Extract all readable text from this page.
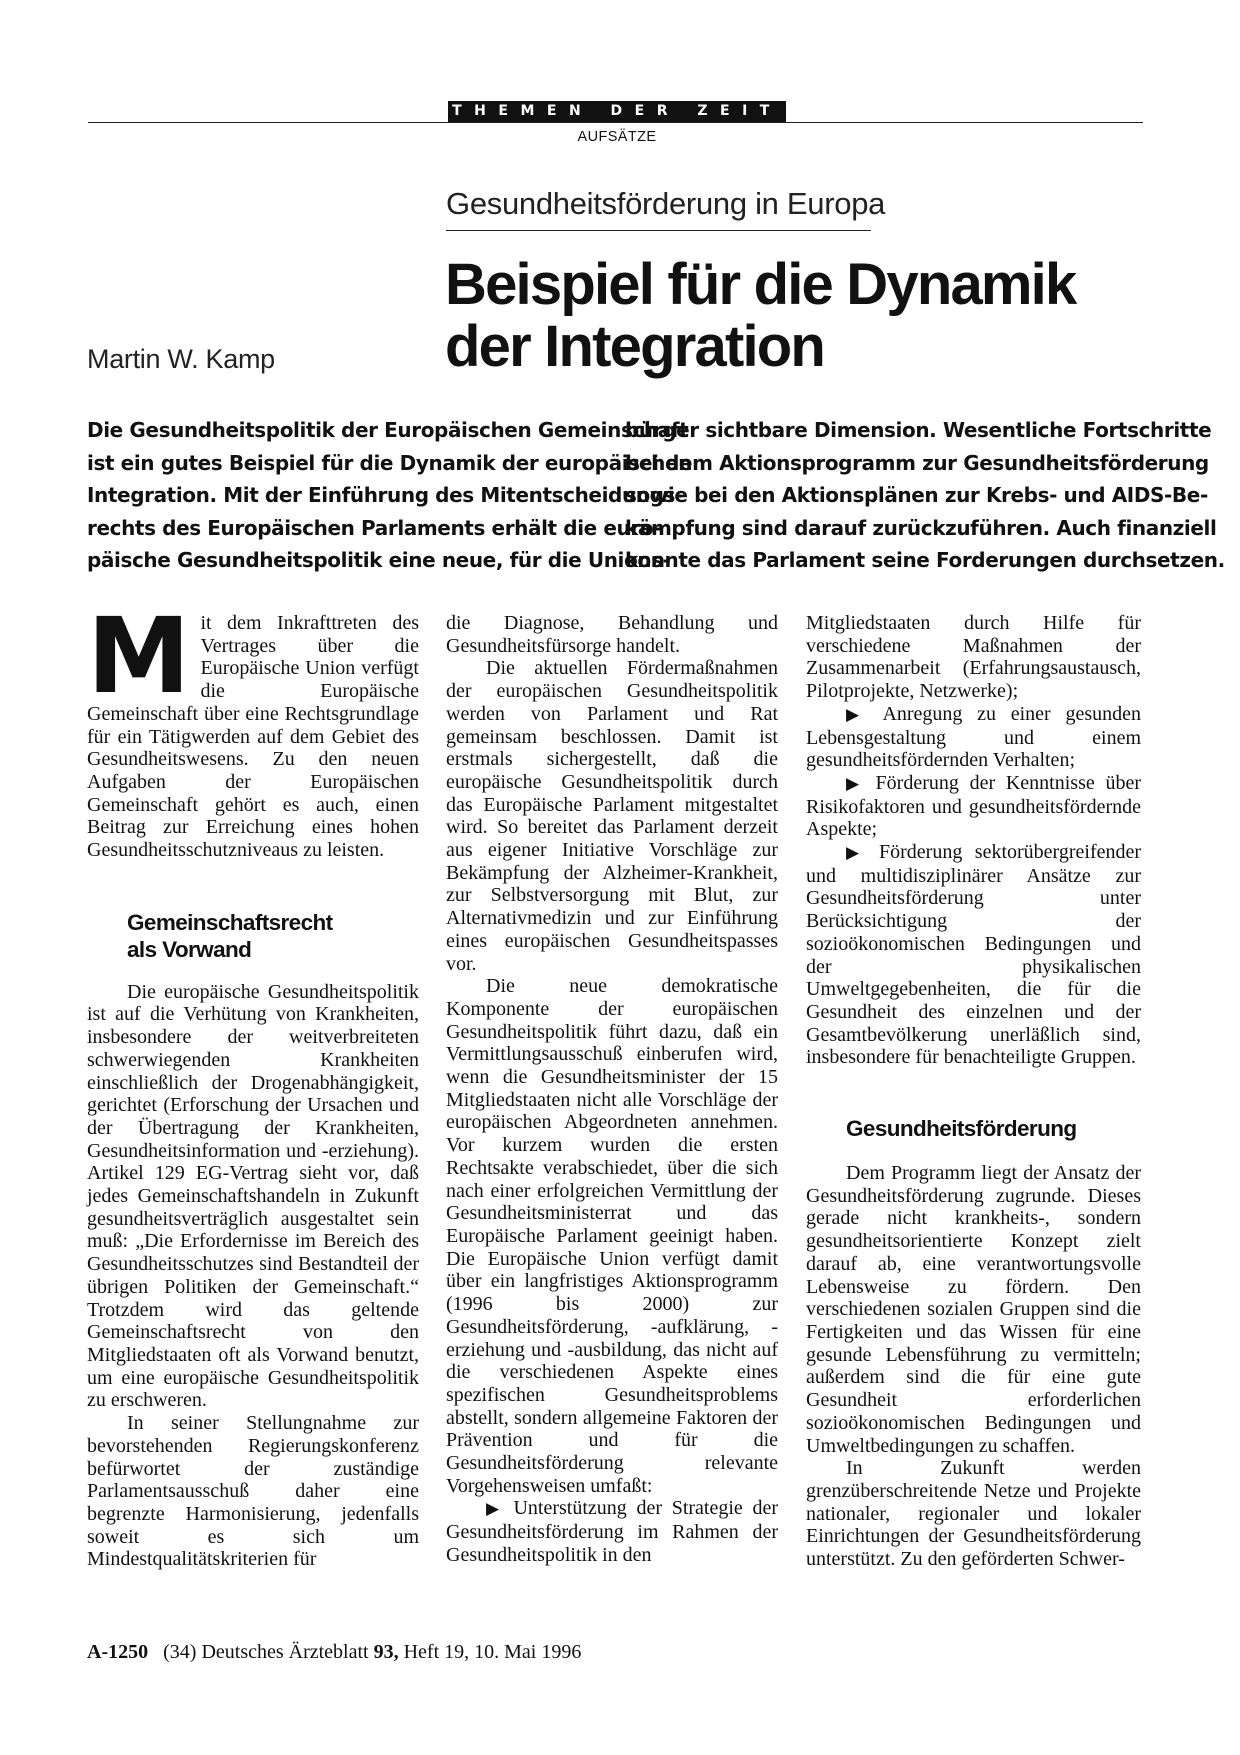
THEMEN DER ZEIT
AUFSÄTZE
Gesundheitsförderung in Europa
Beispiel für die Dynamik
der Integration
Martin W. Kamp
Die Gesundheitspolitik der Europäischen Gemeinschaft
ist ein gutes Beispiel für die Dynamik der europäischen
Integration. Mit der Einführung des Mitentscheidungs-
rechts des Europäischen Parlaments erhält die euro-
päische Gesundheitspolitik eine neue, für die Unions-
bürger sichtbare Dimension. Wesentliche Fortschritte
bei dem Aktionsprogramm zur Gesundheitsförderung
sowie bei den Aktionsplänen zur Krebs- und AIDS-Be-
kämpfung sind darauf zurückzuführen. Auch finanziell
konnte das Parlament seine Forderungen durchsetzen.

Mit dem Inkrafttreten des Vertrages über die Europäische Union verfügt die Europäische Gemeinschaft über eine Rechtsgrundlage für ein Tätigwerden auf dem Gebiet des Gesundheitswesens. Zu den neuen Aufgaben der Europäischen Gemeinschaft gehört es auch, einen Beitrag zur Erreichung eines hohen Gesundheitsschutzniveaus zu leisten.

Gemeinschaftsrecht
als Vorwand

Die europäische Gesundheitspolitik ist auf die Verhütung von Krankheiten, insbesondere der weitverbreiteten schwerwiegenden Krankheiten einschließlich der Drogenabhängigkeit, gerichtet (Erforschung der Ursachen und der Übertragung der Krankheiten, Gesundheitsinformation und -erziehung). Artikel 129 EG-Vertrag sieht vor, daß jedes Gemeinschaftshandeln in Zukunft gesundheitsverträglich ausgestaltet sein muß: „Die Erfordernisse im Bereich des Gesundheitsschutzes sind Bestandteil der übrigen Politiken der Gemeinschaft.“ Trotzdem wird das geltende Gemeinschaftsrecht von den Mitgliedstaaten oft als Vorwand benutzt, um eine europäische Gesundheitspolitik zu erschweren.

In seiner Stellungnahme zur bevorstehenden Regierungskonferenz befürwortet der zuständige Parlamentsausschuß daher eine begrenzte Harmonisierung, jedenfalls soweit es sich um Mindestqualitätskriterien für

die Diagnose, Behandlung und Gesundheitsfürsorge handelt.

Die aktuellen Fördermaßnahmen der europäischen Gesundheitspolitik werden von Parlament und Rat gemeinsam beschlossen. Damit ist erstmals sichergestellt, daß die europäische Gesundheitspolitik durch das Europäische Parlament mitgestaltet wird. So bereitet das Parlament derzeit aus eigener Initiative Vorschläge zur Bekämpfung der Alzheimer-Krankheit, zur Selbstversorgung mit Blut, zur Alternativmedizin und zur Einführung eines europäischen Gesundheitspasses vor.

Die neue demokratische Komponente der europäischen Gesundheitspolitik führt dazu, daß ein Vermittlungsausschuß einberufen wird, wenn die Gesundheitsminister der 15 Mitgliedstaaten nicht alle Vorschläge der europäischen Abgeordneten annehmen. Vor kurzem wurden die ersten Rechtsakte verabschiedet, über die sich nach einer erfolgreichen Vermittlung der Gesundheitsministerrat und das Europäische Parlament geeinigt haben. Die Europäische Union verfügt damit über ein langfristiges Aktionsprogramm (1996 bis 2000) zur Gesundheitsförderung, -aufklärung, -erziehung und -ausbildung, das nicht auf die verschiedenen Aspekte eines spezifischen Gesundheitsproblems abstellt, sondern allgemeine Faktoren der Prävention und für die Gesundheitsförderung relevante Vorgehensweisen umfaßt:

▶ Unterstützung der Strategie der Gesundheitsförderung im Rahmen der Gesundheitspolitik in den

Mitgliedstaaten durch Hilfe für verschiedene Maßnahmen der Zusammenarbeit (Erfahrungsaustausch, Pilotprojekte, Netzwerke);

▶ Anregung zu einer gesunden Lebensgestaltung und einem gesundheitsfördernden Verhalten;

▶ Förderung der Kenntnisse über Risikofaktoren und gesundheitsfördernde Aspekte;

▶ Förderung sektorübergreifender und multidisziplinärer Ansätze zur Gesundheitsförderung unter Berücksichtigung der sozioökonomischen Bedingungen und der physikalischen Umweltgegebenheiten, die für die Gesundheit des einzelnen und der Gesamtbevölkerung unerläßlich sind, insbesondere für benachteiligte Gruppen.

Gesundheitsförderung

Dem Programm liegt der Ansatz der Gesundheitsförderung zugrunde. Dieses gerade nicht krankheits-, sondern gesundheitsorientierte Konzept zielt darauf ab, eine verantwortungsvolle Lebensweise zu fördern. Den verschiedenen sozialen Gruppen sind die Fertigkeiten und das Wissen für eine gesunde Lebensführung zu vermitteln; außerdem sind die für eine gute Gesundheit erforderlichen sozioökonomischen Bedingungen und Umweltbedingungen zu schaffen.

In Zukunft werden grenzüberschreitende Netze und Projekte nationaler, regionaler und lokaler Einrichtungen der Gesundheitsförderung unterstützt. Zu den geförderten Schwer-

A-1250 (34) Deutsches Ärzteblatt 93, Heft 19, 10. Mai 1996
